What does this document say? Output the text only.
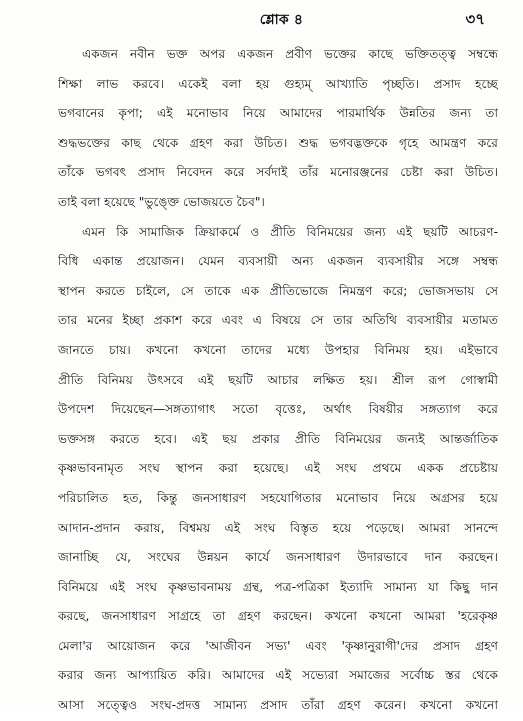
শ্লোক ৪	৩৭
একজন নবীন ভক্ত অপর একজন প্রবীণ ভক্তের কাছে ভক্তিতত্ত্ব সম্বন্ধে
শিক্ষা লাভ করবে। একেই বলা হয় গুহ্যম্ আখ্যাতি পৃচ্ছতি। প্রসাদ হচ্ছে
ভগবানের কৃপা; এই মনোভাব নিয়ে আমাদের পারমার্থিক উন্নতির জন্য তা
শুদ্ধভক্তের কাছ থেকে গ্রহণ করা উচিত। শুদ্ধ ভগবদ্ভক্তকে গৃহে আমন্ত্রণ করে
তাঁকে ভগবৎ প্রসাদ নিবেদন করে সর্বদাই তাঁর মনোরঞ্জনের চেষ্টা করা উচিত।
তাই বলা হয়েছে "ভুঙ্ক্তে ভোজয়তে চৈব"।
এমন কি সামাজিক ক্রিয়াকর্মে ও প্রীতি বিনিময়ের জন্য এই ছয়টি আচরণ-
বিধি একান্ত প্রয়োজন। যেমন ব্যবসায়ী অন্য একজন ব্যবসায়ীর সঙ্গে সম্বন্ধ
স্থাপন করতে চাইলে, সে তাকে এক প্রীতিভোজে নিমন্ত্রণ করে; ভোজসভায় সে
তার মনের ইচ্ছা প্রকাশ করে এবং এ বিষয়ে সে তার অতিথি ব্যবসায়ীর মতামত
জানতে চায়। কখনো কখনো তাদের মধ্যে উপহার বিনিময় হয়। এইভাবে
প্রীতি বিনিময় উৎসবে এই ছয়টি আচার লক্ষিত হয়। শ্রীল রূপ গোস্বামী
উপদেশ দিয়েছেন—সঙ্গত্যাগাৎ সতো বৃত্তেঃ, অর্থাৎ বিষয়ীর সঙ্গত্যাগ করে
ভক্তসঙ্গ করতে হবে। এই ছয় প্রকার প্রীতি বিনিময়ের জন্যই আন্তর্জাতিক
কৃষ্ণভাবনামৃত সংঘ স্থাপন করা হয়েছে। এই সংঘ প্রথমে একক প্রচেষ্টায়
পরিচালিত হত, কিন্তু জনসাধারণ সহযোগিতার মনোভাব নিয়ে অগ্রসর হয়ে
আদান-প্রদান করায়, বিশ্বময় এই সংঘ বিস্তৃত হয়ে পড়েছে। আমরা সানন্দে
জানাচ্ছি যে, সংঘের উন্নয়ন কার্যে জনসাধারণ উদারভাবে দান করছেন।
বিনিময়ে এই সংঘ কৃষ্ণভাবনাময় গ্রন্থ, পত্র-পত্রিকা ইত্যাদি সামান্য যা কিছু দান
করছে, জনসাধারণ সাগ্রহে তা গ্রহণ করছেন। কখনো কখনো আমরা 'হরেকৃষ্ণ
মেলা'র আয়োজন করে 'আজীবন সভ্য' এবং 'কৃষ্ণানুরাগী'দের প্রসাদ গ্রহণ
করার জন্য আপ্যায়িত করি। আমাদের এই সভ্যেরা সমাজের সর্বোচ্চ স্তর থেকে
আসা সত্ত্বেও সংঘ-প্রদত্ত সামান্য প্রসাদ তাঁরা গ্রহণ করেন। কখনো কখনো
